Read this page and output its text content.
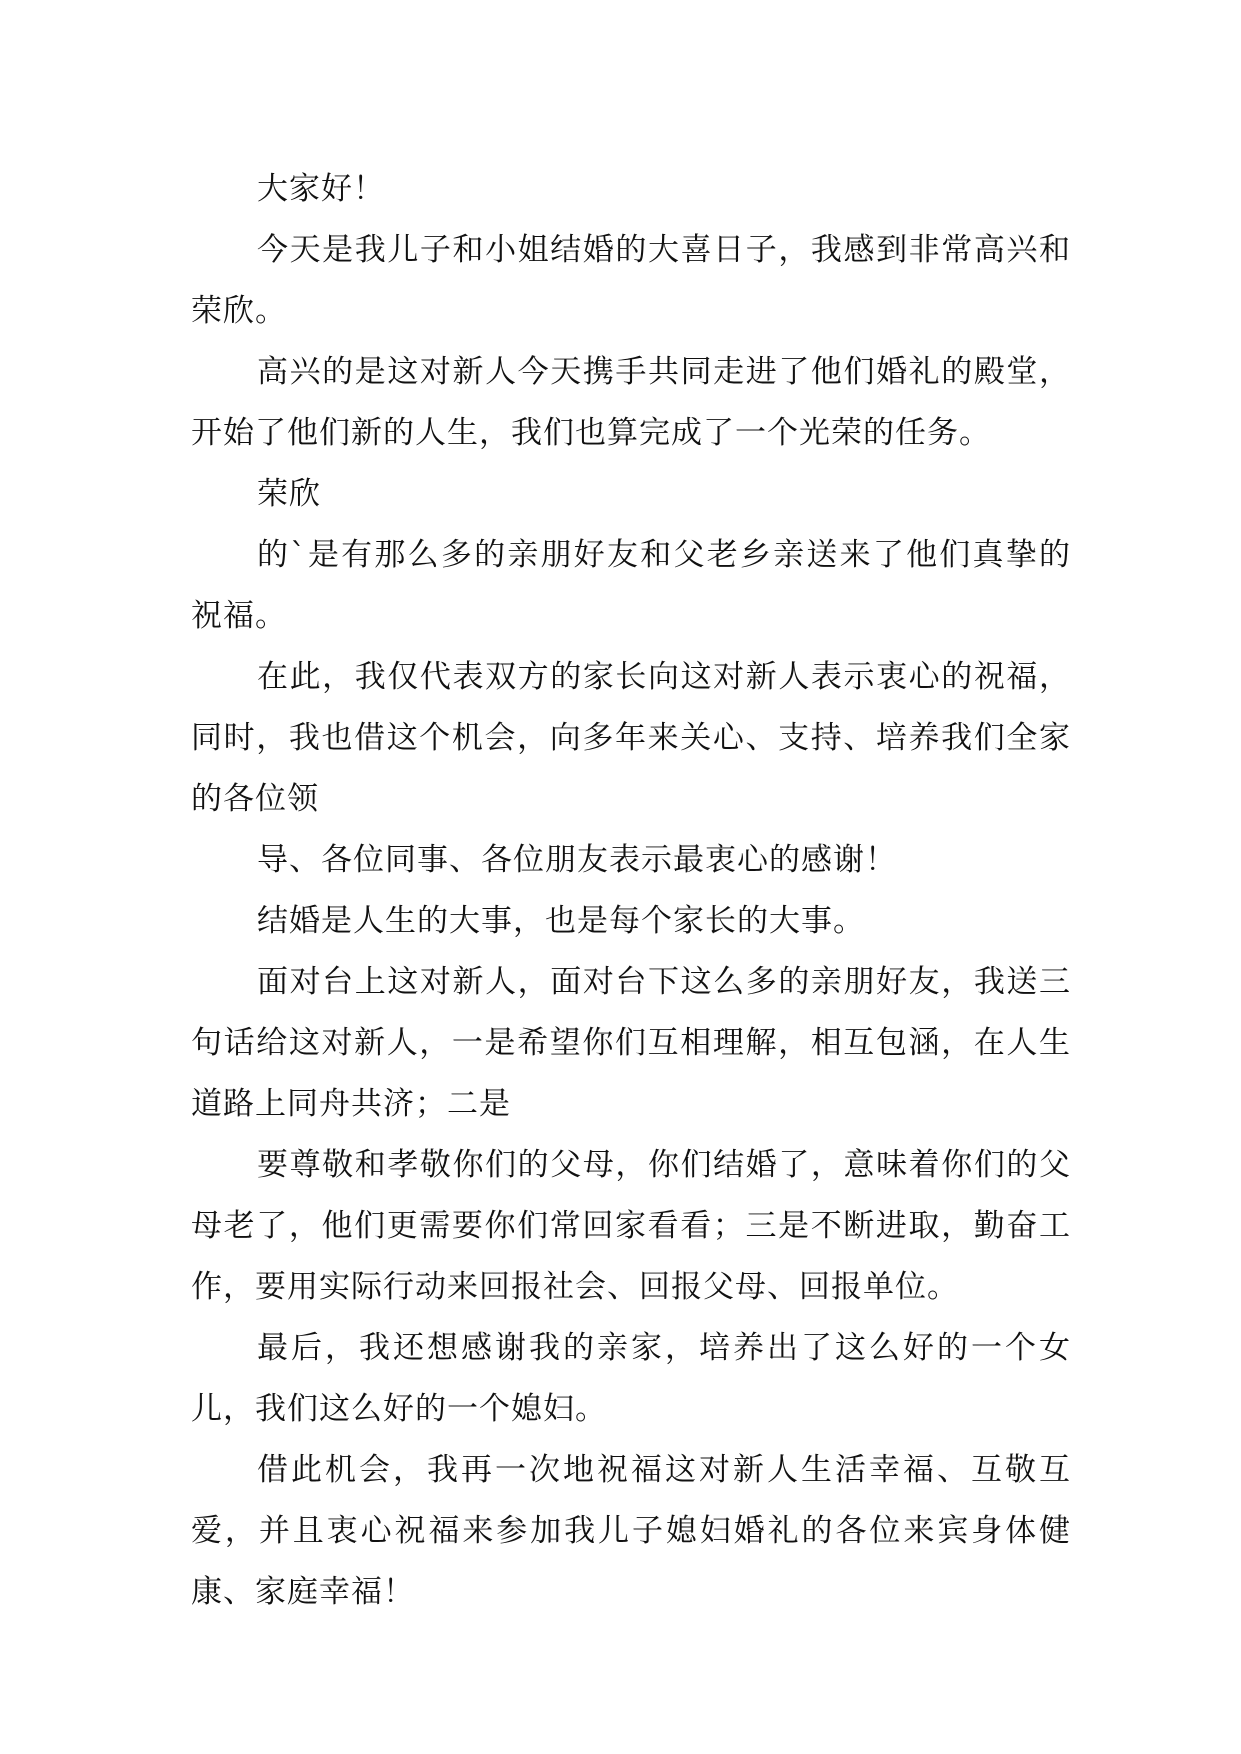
大家好！

今天是我儿子和小姐结婚的大喜日子，我感到非常高兴和荣欣。

高兴的是这对新人今天携手共同走进了他们婚礼的殿堂，开始了他们新的人生，我们也算完成了一个光荣的任务。

荣欣

的`是有那么多的亲朋好友和父老乡亲送来了他们真挚的祝福。

在此，我仅代表双方的家长向这对新人表示衷心的祝福，同时，我也借这个机会，向多年来关心、支持、培养我们全家的各位领

导、各位同事、各位朋友表示最衷心的感谢！

结婚是人生的大事，也是每个家长的大事。

面对台上这对新人，面对台下这么多的亲朋好友，我送三句话给这对新人，一是希望你们互相理解，相互包涵，在人生道路上同舟共济；二是

要尊敬和孝敬你们的父母，你们结婚了，意味着你们的父母老了，他们更需要你们常回家看看；三是不断进取，勤奋工作，要用实际行动来回报社会、回报父母、回报单位。

最后，我还想感谢我的亲家，培养出了这么好的一个女儿，我们这么好的一个媳妇。

借此机会，我再一次地祝福这对新人生活幸福、互敬互爱，并且衷心祝福来参加我儿子媳妇婚礼的各位来宾身体健康、家庭幸福！
